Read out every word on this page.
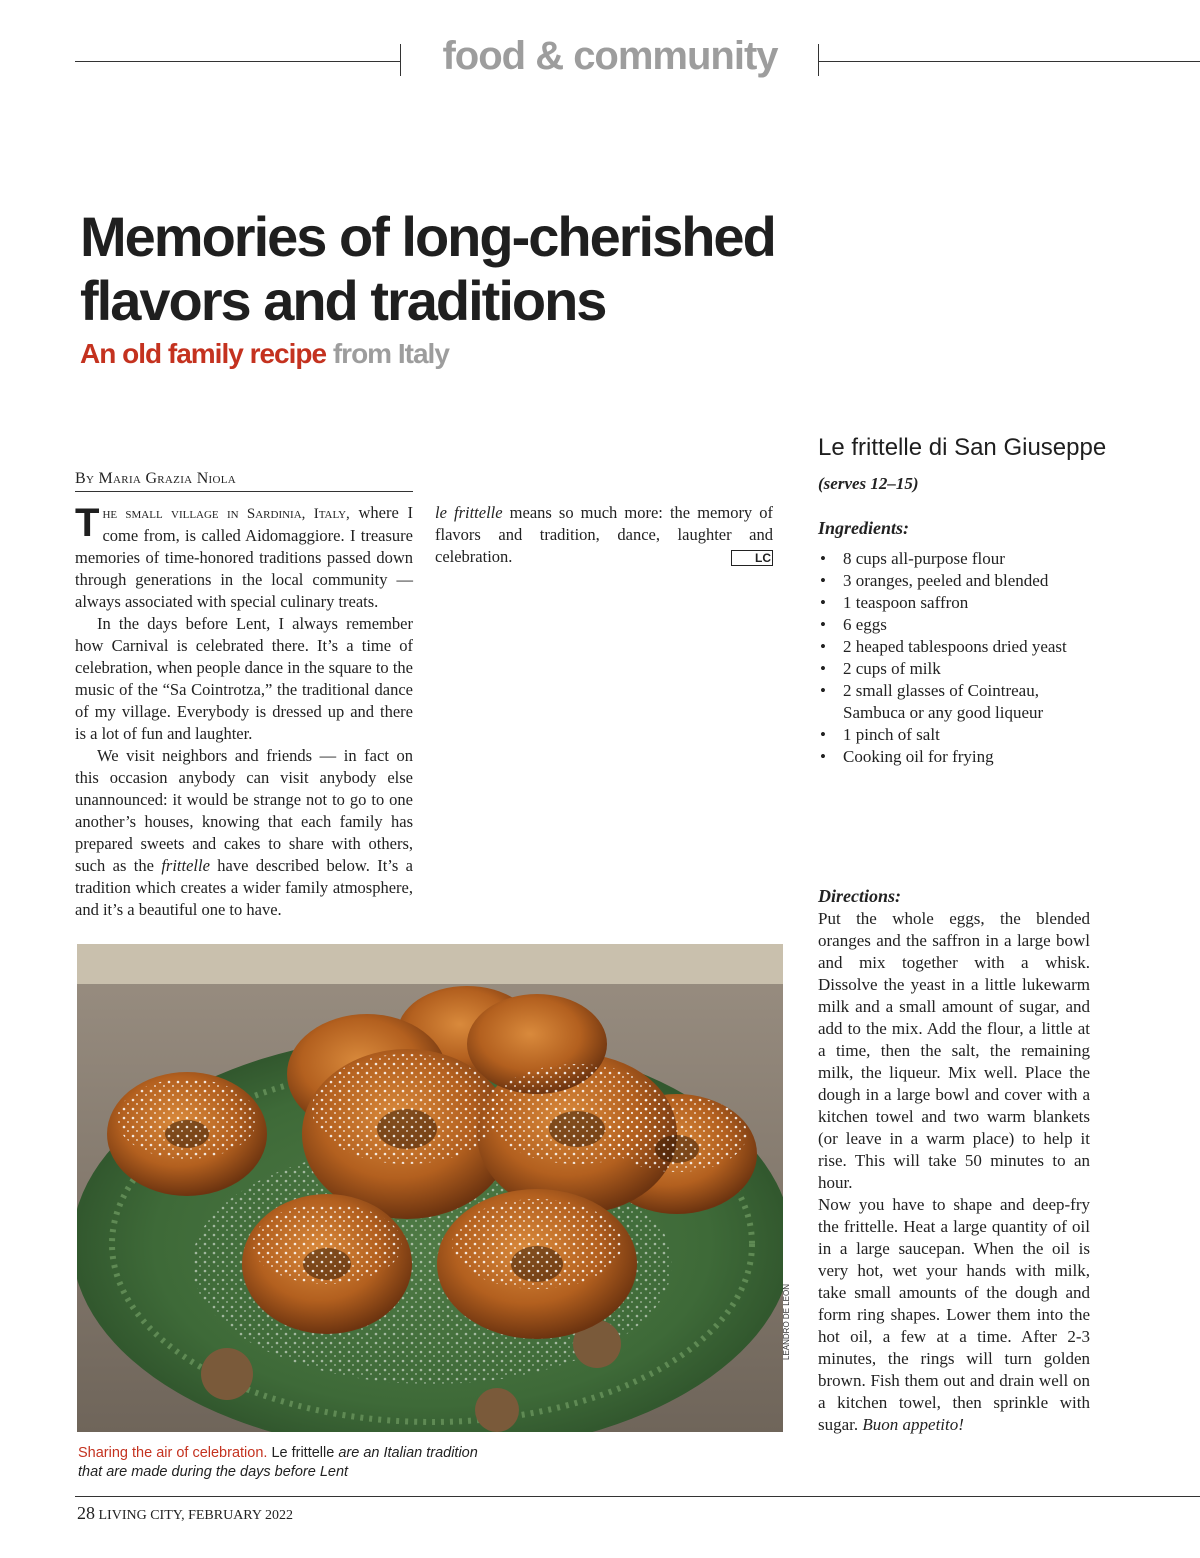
food & community
Memories of long-cherished
flavors and traditions
An old family recipe from Italy
By Maria Grazia Niola

The small village in Sardinia, Italy, where I come from, is called Aidomaggiore. I treasure memories of time-honored traditions passed down through generations in the local community — always associated with special culinary treats.

In the days before Lent, I always remember how Carnival is celebrated there. It’s a time of celebration, when people dance in the square to the music of the “Sa Cointrotza,” the traditional dance of my village. Everybody is dressed up and there is a lot of fun and laughter.

We visit neighbors and friends — in fact on this occasion anybody can visit anybody else unannounced: it would be strange not to go to one another’s houses, knowing that each family has prepared sweets and cakes to share with others, such as the frittelle have described below. It’s a tradition which creates a wider family atmosphere, and it’s a beautiful one to have.

le frittelle means so much more: the memory of flavors and tradition, dance, laughter and celebration.	LC

Le frittelle di San Giuseppe
(serves 12–15)
Ingredients:
• 8 cups all-purpose flour
• 3 oranges, peeled and blended
• 1 teaspoon saffron
• 6 eggs
• 2 heaped tablespoons dried yeast
• 2 cups of milk
• 2 small glasses of Cointreau, Sambuca or any good liqueur
• 1 pinch of salt
• Cooking oil for frying
Directions:

Put the whole eggs, the blended oranges and the saffron in a large bowl and mix together with a whisk. Dissolve the yeast in a little lukewarm milk and a small amount of sugar, and add to the mix. Add the flour, a little at a time, then the salt, the remaining milk, the liqueur. Mix well. Place the dough in a large bowl and cover with a kitchen towel and two warm blankets (or leave in a warm place) to help it rise. This will take 50 minutes to an hour.

Now you have to shape and deep-fry the frittelle. Heat a large quantity of oil in a large saucepan. When the oil is very hot, wet your hands with milk, take small amounts of the dough and form ring shapes. Lower them into the hot oil, a few at a time. After 2-3 minutes, the rings will turn golden brown. Fish them out and drain well on a kitchen towel, then sprinkle with sugar. Buon appetito!

LEANDRO DE LEON
Sharing the air of celebration. Le frittelle are an Italian tradition that are made during the days before Lent
28 LIVING CITY, FEBRUARY 2022
